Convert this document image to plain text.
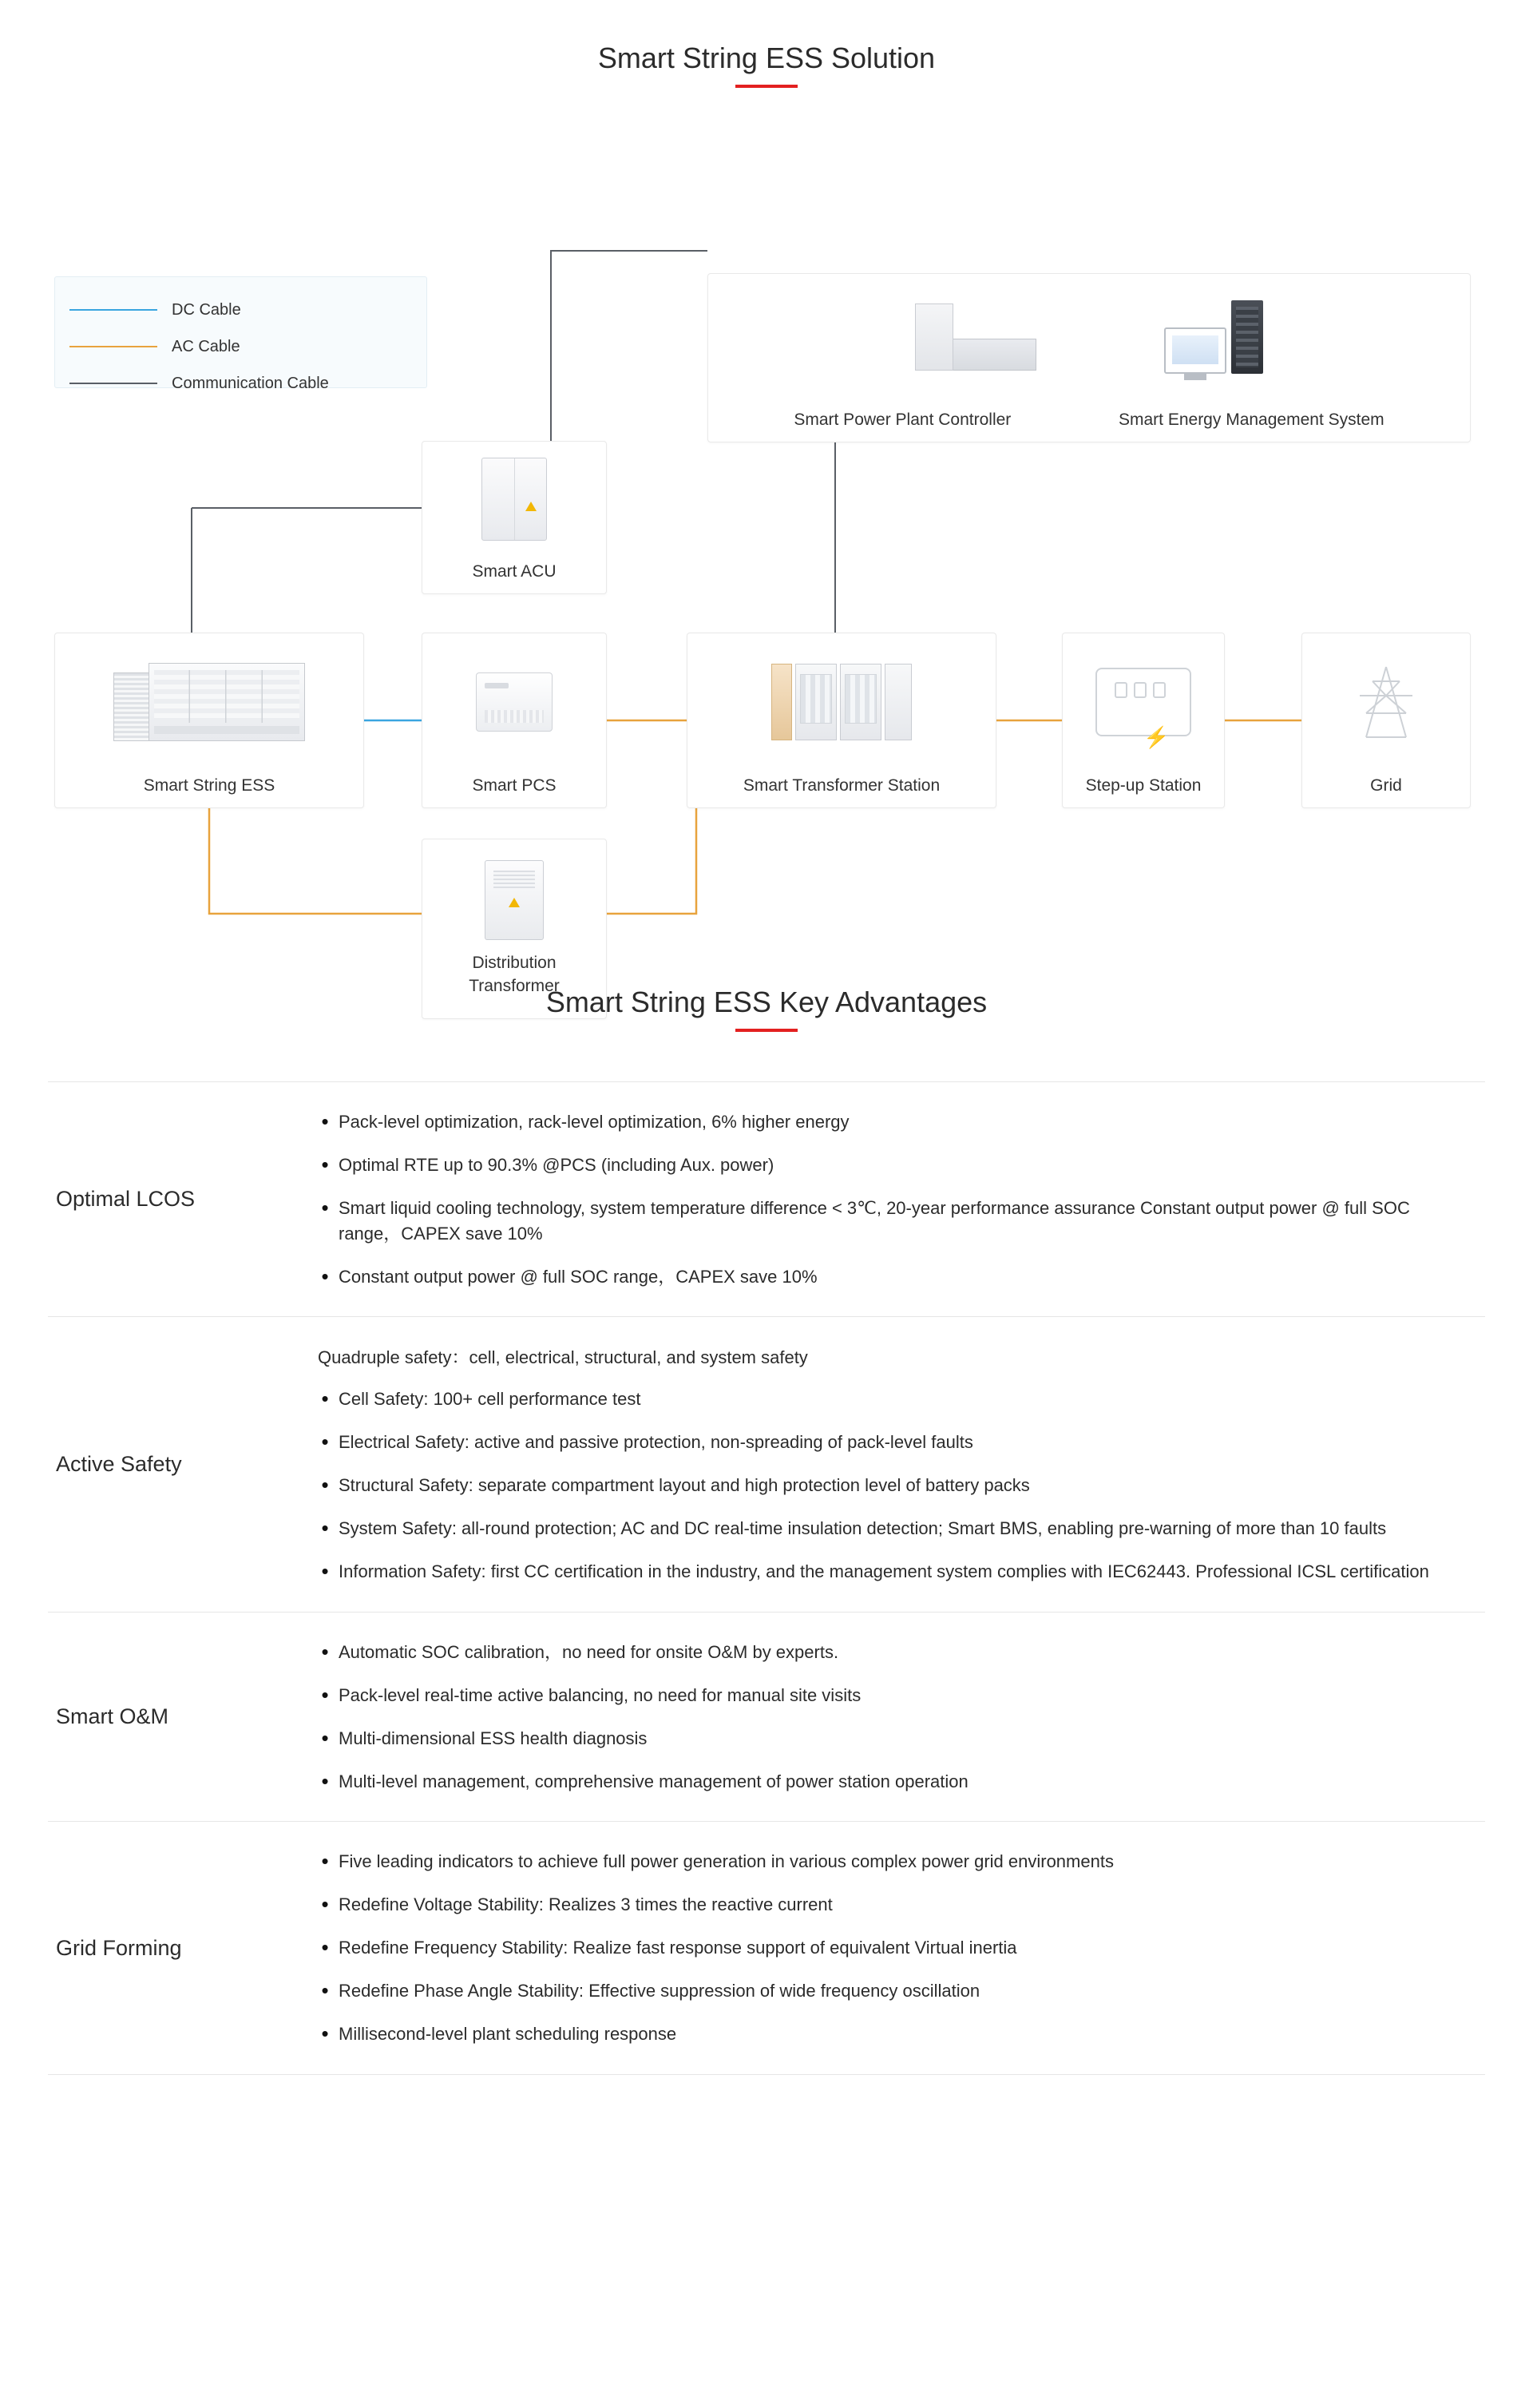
Smart String ESS Solution
DC Cable
AC Cable
Communication Cable
Smart Power Plant Controller	Smart Energy Management System
Smart ACU
Smart String ESS	Smart PCS	Smart Transformer Station
⚡
Step-up Station	Grid
Distribution
Transformer
Smart String ESS Key Advantages
Optimal LCOS
• Pack-level optimization, rack-level optimization, 6% higher energy
• Optimal RTE up to 90.3% @PCS (including Aux. power)
• Smart liquid cooling technology, system temperature difference < 3℃, 20-year performance assurance Constant output power @ full SOC range，CAPEX save 10%
• Constant output power @ full SOC range，CAPEX save 10%
Active Safety

Quadruple safety：cell, electrical, structural, and system safety

• Cell Safety: 100+ cell performance test
• Electrical Safety: active and passive protection, non-spreading of pack-level faults
• Structural Safety: separate compartment layout and high protection level of battery packs
• System Safety: all-round protection; AC and DC real-time insulation detection; Smart BMS, enabling pre-warning of more than 10 faults
• Information Safety: first CC certification in the industry, and the management system complies with IEC62443. Professional ICSL certification
Smart O&M
• Automatic SOC calibration，no need for onsite O&M by experts.
• Pack-level real-time active balancing, no need for manual site visits
• Multi-dimensional ESS health diagnosis
• Multi-level management, comprehensive management of power station operation
Grid Forming
• Five leading indicators to achieve full power generation in various complex power grid environments
• Redefine Voltage Stability: Realizes 3 times the reactive current
• Redefine Frequency Stability: Realize fast response support of equivalent Virtual inertia
• Redefine Phase Angle Stability: Effective suppression of wide frequency oscillation
• Millisecond-level plant scheduling response
